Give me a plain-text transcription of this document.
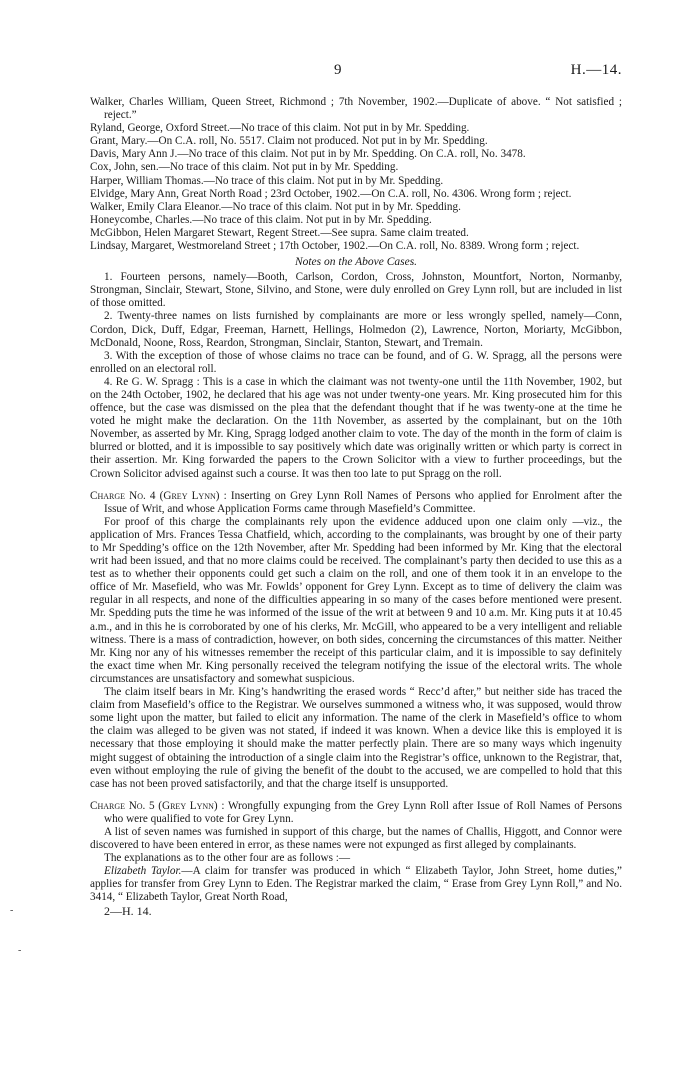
9	H.—14.
Walker, Charles William, Queen Street, Richmond ; 7th November, 1902.—Duplicate of above. “ Not satisfied ; reject.”
Ryland, George, Oxford Street.—No trace of this claim. Not put in by Mr. Spedding.
Grant, Mary.—On C.A. roll, No. 5517. Claim not produced. Not put in by Mr. Spedding.
Davis, Mary Ann J.—No trace of this claim. Not put in by Mr. Spedding. On C.A. roll, No. 3478.
Cox, John, sen.—No trace of this claim. Not put in by Mr. Spedding.
Harper, William Thomas.—No trace of this claim. Not put in by Mr. Spedding.
Elvidge, Mary Ann, Great North Road ; 23rd October, 1902.—On C.A. roll, No. 4306. Wrong form ; reject.
Walker, Emily Clara Eleanor.—No trace of this claim. Not put in by Mr. Spedding.
Honeycombe, Charles.—No trace of this claim. Not put in by Mr. Spedding.
McGibbon, Helen Margaret Stewart, Regent Street.—See supra. Same claim treated.
Lindsay, Margaret, Westmoreland Street ; 17th October, 1902.—On C.A. roll, No. 8389. Wrong form ; reject.
Notes on the Above Cases.
1. Fourteen persons, namely—Booth, Carlson, Cordon, Cross, Johnston, Mountfort, Norton, Normanby, Strongman, Sinclair, Stewart, Stone, Silvino, and Stone, were duly enrolled on Grey Lynn roll, but are included in list of those omitted.
2. Twenty-three names on lists furnished by complainants are more or less wrongly spelled, namely—Conn, Cordon, Dick, Duff, Edgar, Freeman, Harnett, Hellings, Holmedon (2), Lawrence, Norton, Moriarty, McGibbon, McDonald, Noone, Ross, Reardon, Strongman, Sinclair, Stanton, Stewart, and Tremain.
3. With the exception of those of whose claims no trace can be found, and of G. W. Spragg, all the persons were enrolled on an electoral roll.
4. Re G. W. Spragg : This is a case in which the claimant was not twenty-one until the 11th November, 1902, but on the 24th October, 1902, he declared that his age was not under twenty-one years. Mr. King prosecuted him for this offence, but the case was dismissed on the plea that the defendant thought that if he was twenty-one at the time he voted he might make the declaration. On the 11th November, as asserted by the complainant, but on the 10th November, as asserted by Mr. King, Spragg lodged another claim to vote. The day of the month in the form of claim is blurred or blotted, and it is impossible to say positively which date was originally written or which party is correct in their assertion. Mr. King forwarded the papers to the Crown Solicitor with a view to further proceedings, but the Crown Solicitor advised against such a course. It was then too late to put Spragg on the roll.
Charge No. 4 (Grey Lynn) : Inserting on Grey Lynn Roll Names of Persons who applied for Enrolment after the Issue of Writ, and whose Application Forms came through Masefield’s Committee.
For proof of this charge the complainants rely upon the evidence adduced upon one claim only —viz., the application of Mrs. Frances Tessa Chatfield, which, according to the complainants, was brought by one of their party to Mr Spedding’s office on the 12th November, after Mr. Spedding had been informed by Mr. King that the electoral writ had been issued, and that no more claims could be received. The complainant’s party then decided to use this as a test as to whether their opponents could get such a claim on the roll, and one of them took it in an envelope to the office of Mr. Masefield, who was Mr. Fowlds’ opponent for Grey Lynn. Except as to time of delivery the claim was regular in all respects, and none of the difficulties appearing in so many of the cases before mentioned were present. Mr. Spedding puts the time he was informed of the issue of the writ at between 9 and 10 a.m. Mr. King puts it at 10.45 a.m., and in this he is corroborated by one of his clerks, Mr. McGill, who appeared to be a very intelligent and reliable witness. There is a mass of contradiction, however, on both sides, concerning the circumstances of this matter. Neither Mr. King nor any of his witnesses remember the receipt of this particular claim, and it is impossible to say definitely the exact time when Mr. King personally received the telegram notifying the issue of the electoral writs. The whole circumstances are unsatisfactory and somewhat suspicious.
The claim itself bears in Mr. King’s handwriting the erased words “ Recc’d after,” but neither side has traced the claim from Masefield’s office to the Registrar. We ourselves summoned a witness who, it was supposed, would throw some light upon the matter, but failed to elicit any information. The name of the clerk in Masefield’s office to whom the claim was alleged to be given was not stated, if indeed it was known. When a device like this is employed it is necessary that those employing it should make the matter perfectly plain. There are so many ways which ingenuity might suggest of obtaining the introduction of a single claim into the Registrar’s office, unknown to the Registrar, that, even without employing the rule of giving the benefit of the doubt to the accused, we are compelled to hold that this case has not been proved satisfactorily, and that the charge itself is unsupported.
Charge No. 5 (Grey Lynn) : Wrongfully expunging from the Grey Lynn Roll after Issue of Roll Names of Persons who were qualified to vote for Grey Lynn.
A list of seven names was furnished in support of this charge, but the names of Challis, Higgott, and Connor were discovered to have been entered in error, as these names were not expunged as first alleged by complainants.
The explanations as to the other four are as follows :—
Elizabeth Taylor.—A claim for transfer was produced in which “ Elizabeth Taylor, John Street, home duties,” applies for transfer from Grey Lynn to Eden. The Registrar marked the claim, “ Erase from Grey Lynn Roll,” and No. 3414, “ Elizabeth Taylor, Great North Road,
2—H. 14.
-
-
